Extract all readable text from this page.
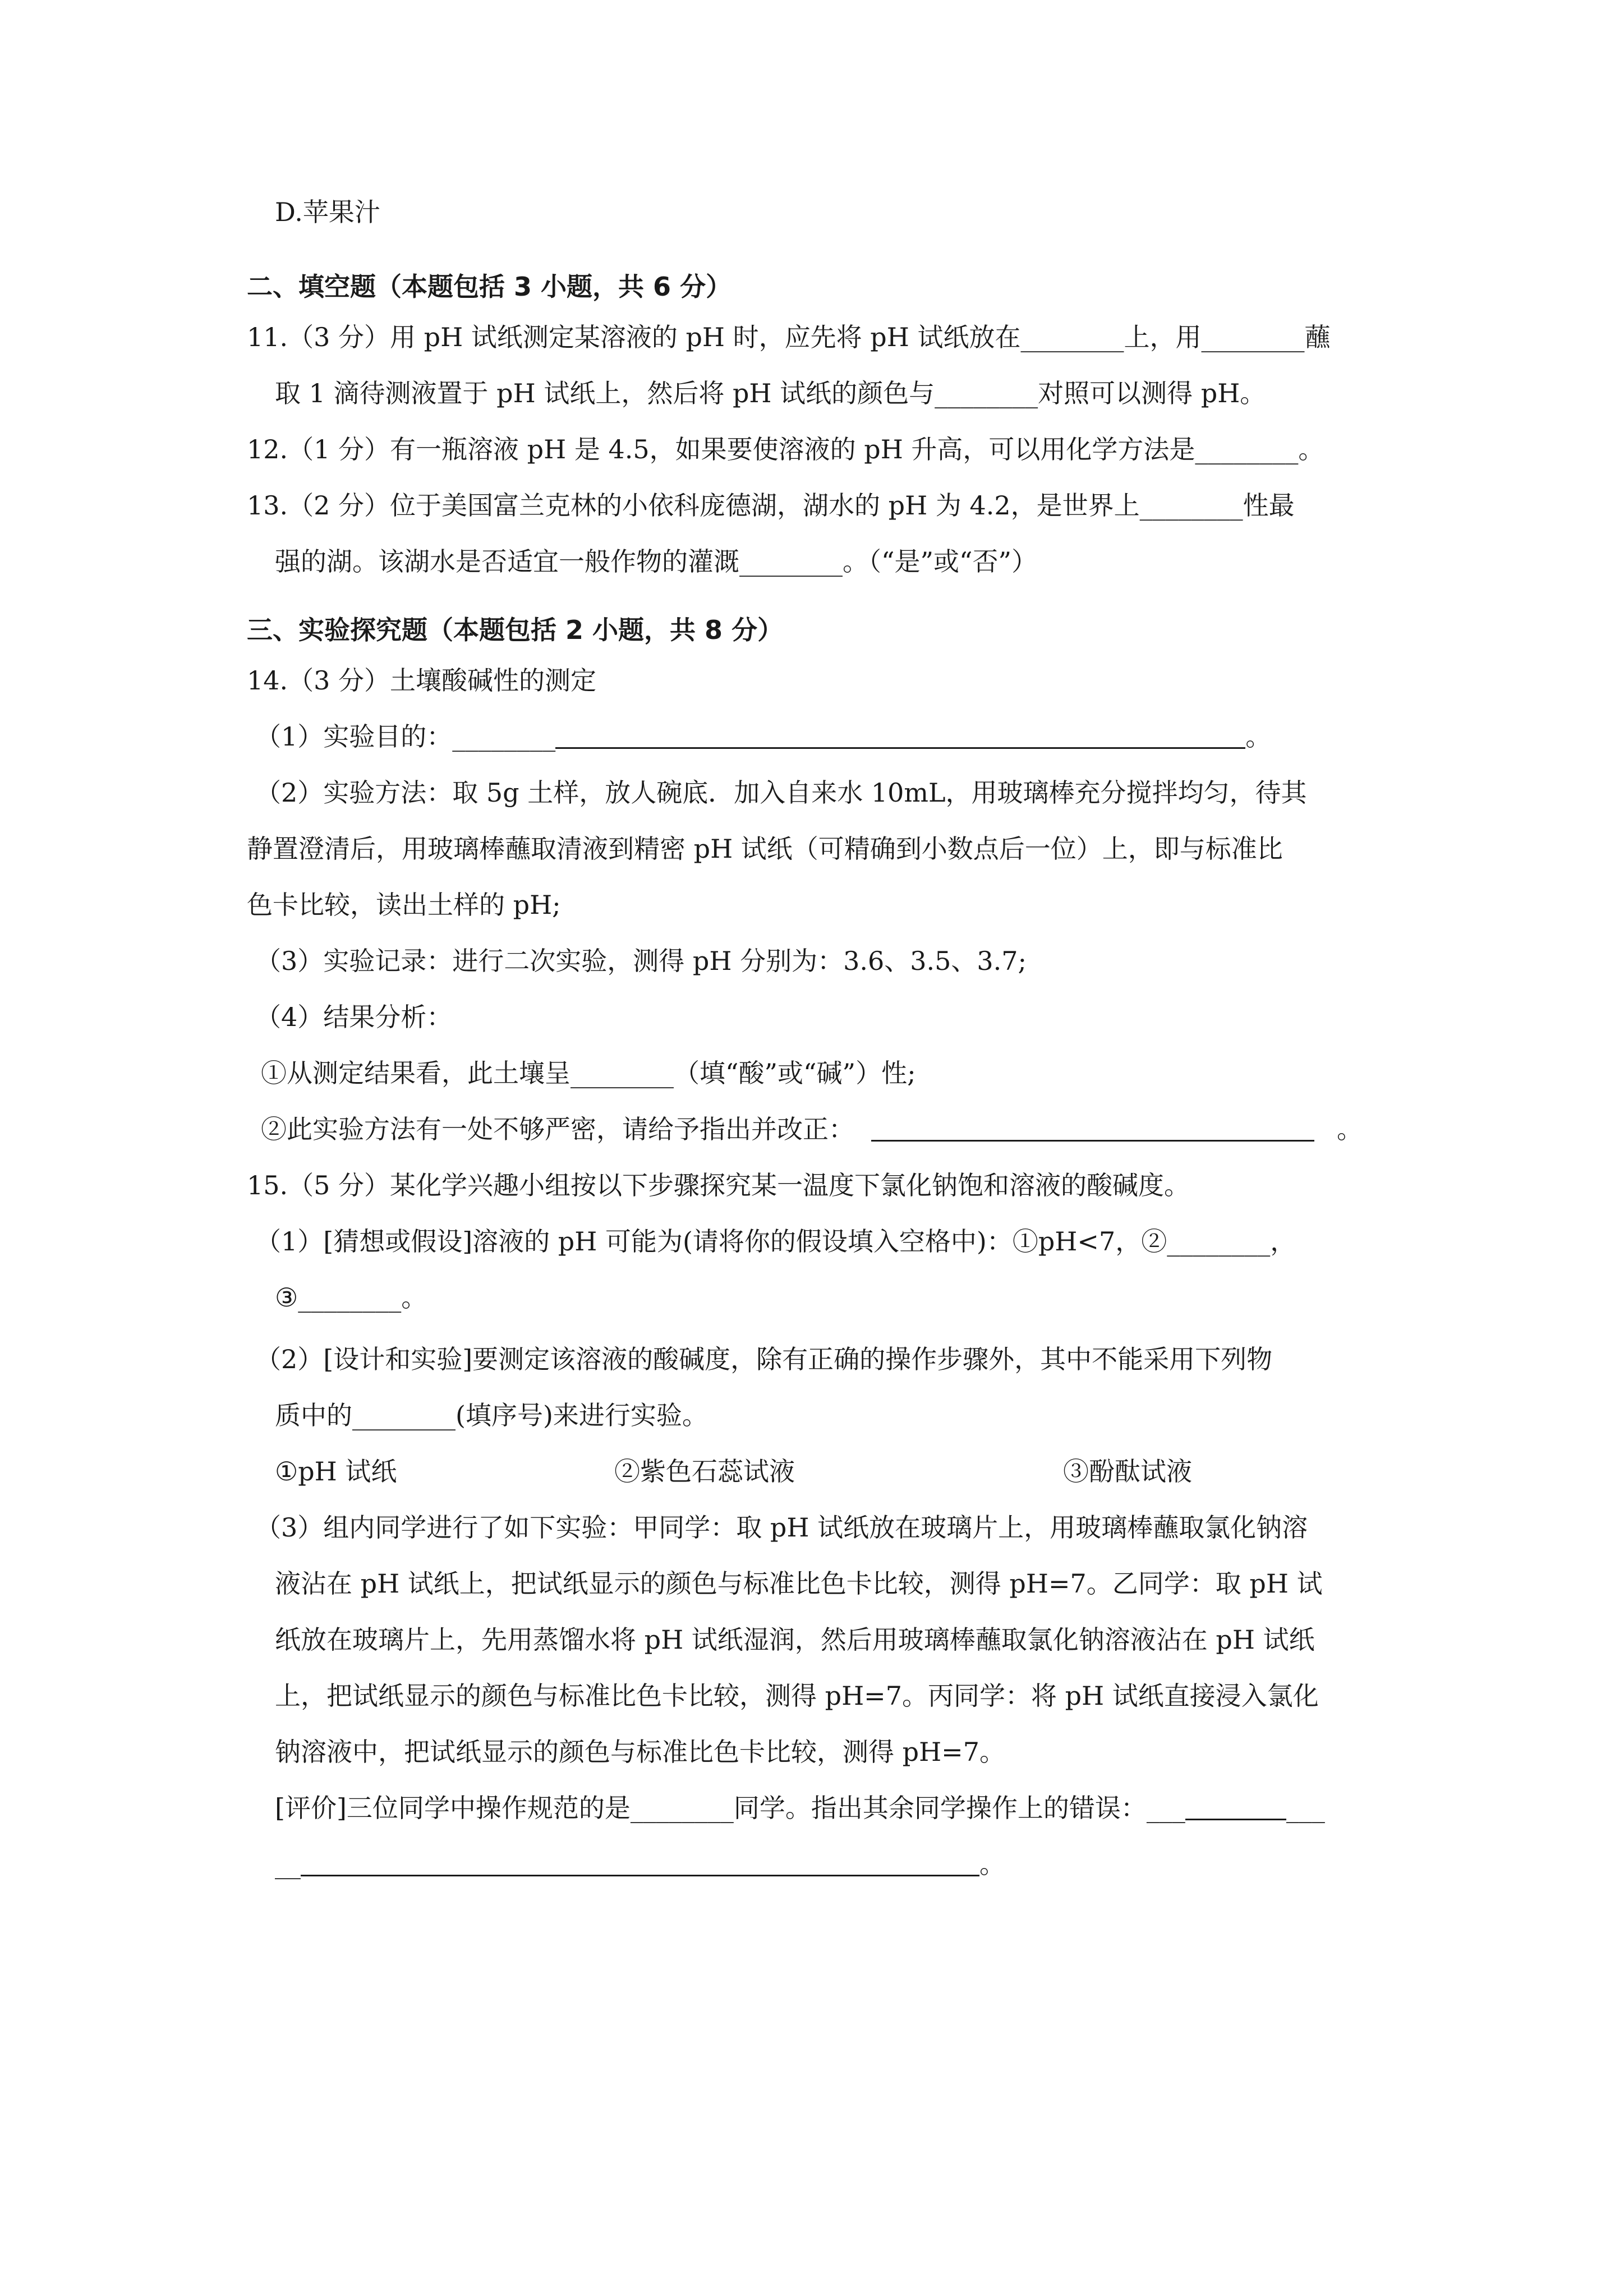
D.苹果汁
二、填空题（本题包括 3 小题，共 6 分）
11.（3 分）用 pH 试纸测定某溶液的 pH 时，应先将 pH 试纸放在________上，用________蘸
取 1 滴待测液置于 pH 试纸上，然后将 pH 试纸的颜色与________对照可以测得 pH。
12.（1 分）有一瓶溶液 pH 是 4.5，如果要使溶液的 pH 升高，可以用化学方法是________。
13.（2 分）位于美国富兰克林的小依科庞德湖，湖水的 pH 为 4.2，是世界上________性最
强的湖。该湖水是否适宜一般作物的灌溉________。（“是”或“否”）
三、实验探究题（本题包括 2 小题，共 8 分）
14.（3 分）土壤酸碱性的测定
（1）实验目的：________	。
（2）实验方法：取 5g 土样，放人碗底．加入自来水 10mL，用玻璃棒充分搅拌均匀，待其
静置澄清后，用玻璃棒蘸取清液到精密 pH 试纸（可精确到小数点后一位）上，即与标准比
色卡比较，读出土样的 pH;
（3）实验记录：进行二次实验，测得 pH 分别为：3.6、3.5、3.7;
（4）结果分析：
①从测定结果看，此土壤呈________（填“酸”或“碱”）性;
②此实验方法有一处不够严密，请给予指出并改正：	。
15.（5 分）某化学兴趣小组按以下步骤探究某一温度下氯化钠饱和溶液的酸碱度。
（1）[猜想或假设]溶液的 pH 可能为(请将你的假设填入空格中)：①pH<7，②________，
③________。
（2）[设计和实验]要测定该溶液的酸碱度，除有正确的操作步骤外，其中不能采用下列物
质中的________(填序号)来进行实验。
①pH 试纸	②紫色石蕊试液	③酚酞试液
（3）组内同学进行了如下实验：甲同学：取 pH 试纸放在玻璃片上，用玻璃棒蘸取氯化钠溶
液沾在 pH 试纸上，把试纸显示的颜色与标准比色卡比较，测得 pH=7。乙同学：取 pH 试
纸放在玻璃片上，先用蒸馏水将 pH 试纸湿润，然后用玻璃棒蘸取氯化钠溶液沾在 pH 试纸
上，把试纸显示的颜色与标准比色卡比较，测得 pH=7。丙同学：将 pH 试纸直接浸入氯化
钠溶液中，把试纸显示的颜色与标准比色卡比较，测得 pH=7。
[评价]三位同学中操作规范的是________同学。指出其余同学操作上的错误：___	___
__	。
